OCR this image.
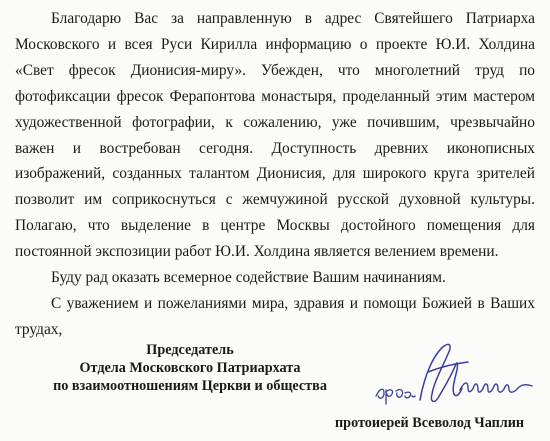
Благодарю Вас за направленную в адрес Святейшего Патриарха Московского и всея Руси Кирилла информацию о проекте Ю.И. Холдина «Свет фресок Дионисия-миру». Убежден, что многолетний труд по фотофиксации фресок Ферапонтова монастыря, проделанный этим мастером художественной фотографии, к сожалению, уже почившим, чрезвычайно важен и востребован сегодня. Доступность древних иконописных изображений, созданных талантом Дионисия, для широкого круга зрителей позволит им соприкоснуться с жемчужиной русской духовной культуры. Полагаю, что выделение в центре Москвы достойного помещения для постоянной экспозиции работ Ю.И. Холдина является велением времени.

Буду рад оказать всемерное содействие Вашим начинаниям.

С уважением и пожеланиями мира, здравия и помощи Божией в Ваших трудах,

Председатель
Отдела Московского Патриархата
по взаимоотношениям Церкви и общества
протоиерей Всеволод Чаплин
